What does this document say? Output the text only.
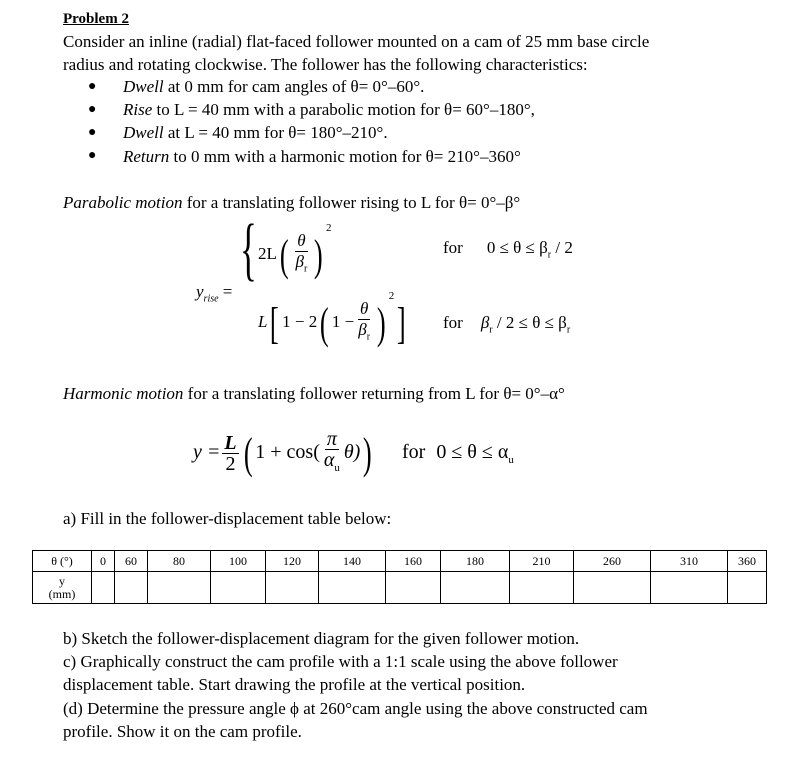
Problem 2
Consider an inline (radial) flat-faced follower mounted on a cam of 25 mm base circle
radius and rotating clockwise. The follower has the following characteristics:
● Dwell at 0 mm for cam angles of θ= 0°–60°.
● Rise to L = 40 mm with a parabolic motion for θ= 60°–180°,
● Dwell at L = 40 mm for θ= 180°–210°.
● Return to 0 mm with a harmonic motion for θ= 210°–360°
Parabolic motion for a translating follower rising to L for θ= 0°–β°
$y_{rise}$ =
{ $2L( \frac{\theta}{\beta_r} )^2$
for $0 \le \theta \le \beta_r / 2$
L[ 1 − 2( $1 - \frac{\theta}{\beta_r} )^2$] for $\beta_r / 2 \le \theta \le \beta_r$
Harmonic motion for a translating follower returning from L for θ= 0°–α°
$y = \frac{L}{2}$ ( $1 + \cos( \frac{\pi}{\alpha_u} \theta)$) for $0 \le \theta \le \alpha_u$
a) Fill in the follower-displacement table below:
θ (°)	0	60	80	100	120	140	160	180	210	260	310	360
y
(mm)												
b) Sketch the follower-displacement diagram for the given follower motion.
c) Graphically construct the cam profile with a 1:1 scale using the above follower
displacement table. Start drawing the profile at the vertical position.
(d) Determine the pressure angle ϕ at 260°cam angle using the above constructed cam
profile. Show it on the cam profile.
